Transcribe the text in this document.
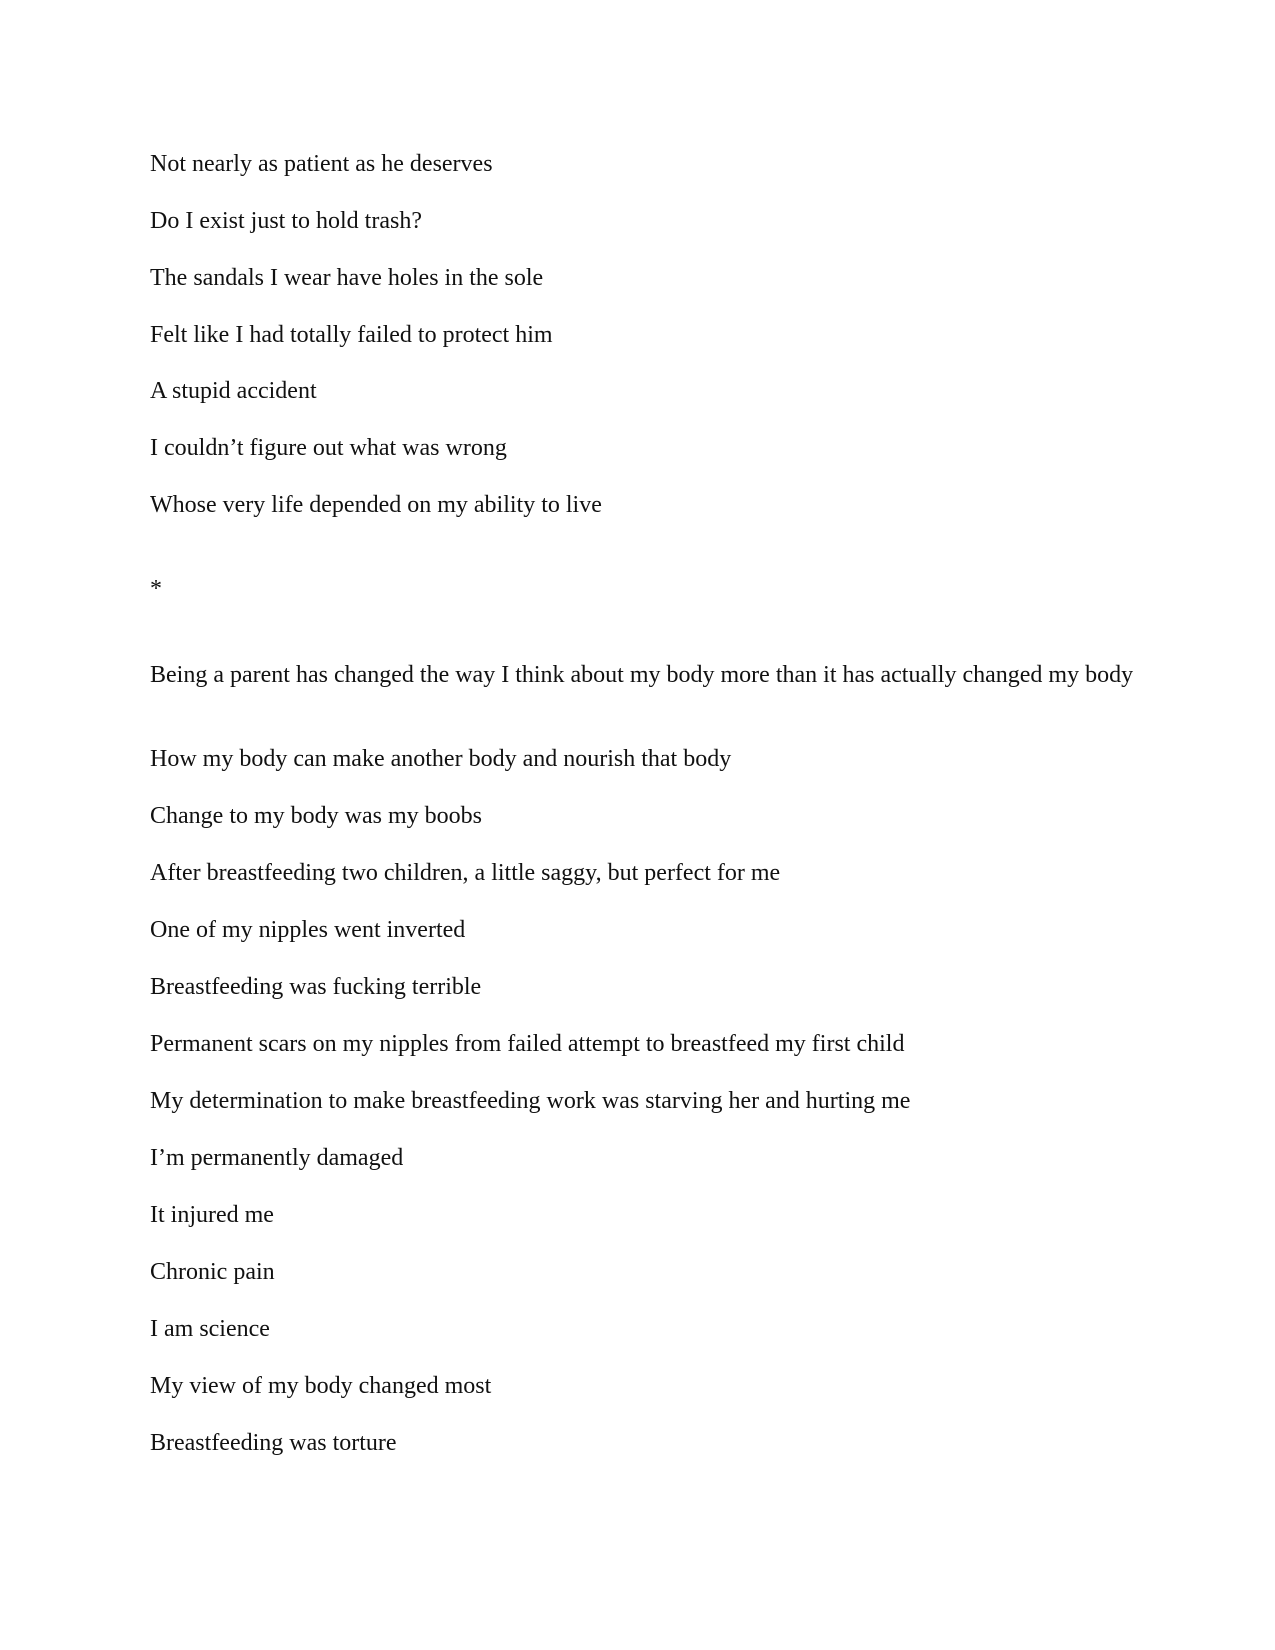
Not nearly as patient as he deserves

Do I exist just to hold trash?

The sandals I wear have holes in the sole

Felt like I had totally failed to protect him

A stupid accident

I couldn’t figure out what was wrong

Whose very life depended on my ability to live

*

Being a parent has changed the way I think about my body more than it has actually changed my body

How my body can make another body and nourish that body

Change to my body was my boobs

After breastfeeding two children, a little saggy, but perfect for me

One of my nipples went inverted

Breastfeeding was fucking terrible

Permanent scars on my nipples from failed attempt to breastfeed my first child

My determination to make breastfeeding work was starving her and hurting me

I’m permanently damaged

It injured me

Chronic pain

I am science

My view of my body changed most

Breastfeeding was torture
